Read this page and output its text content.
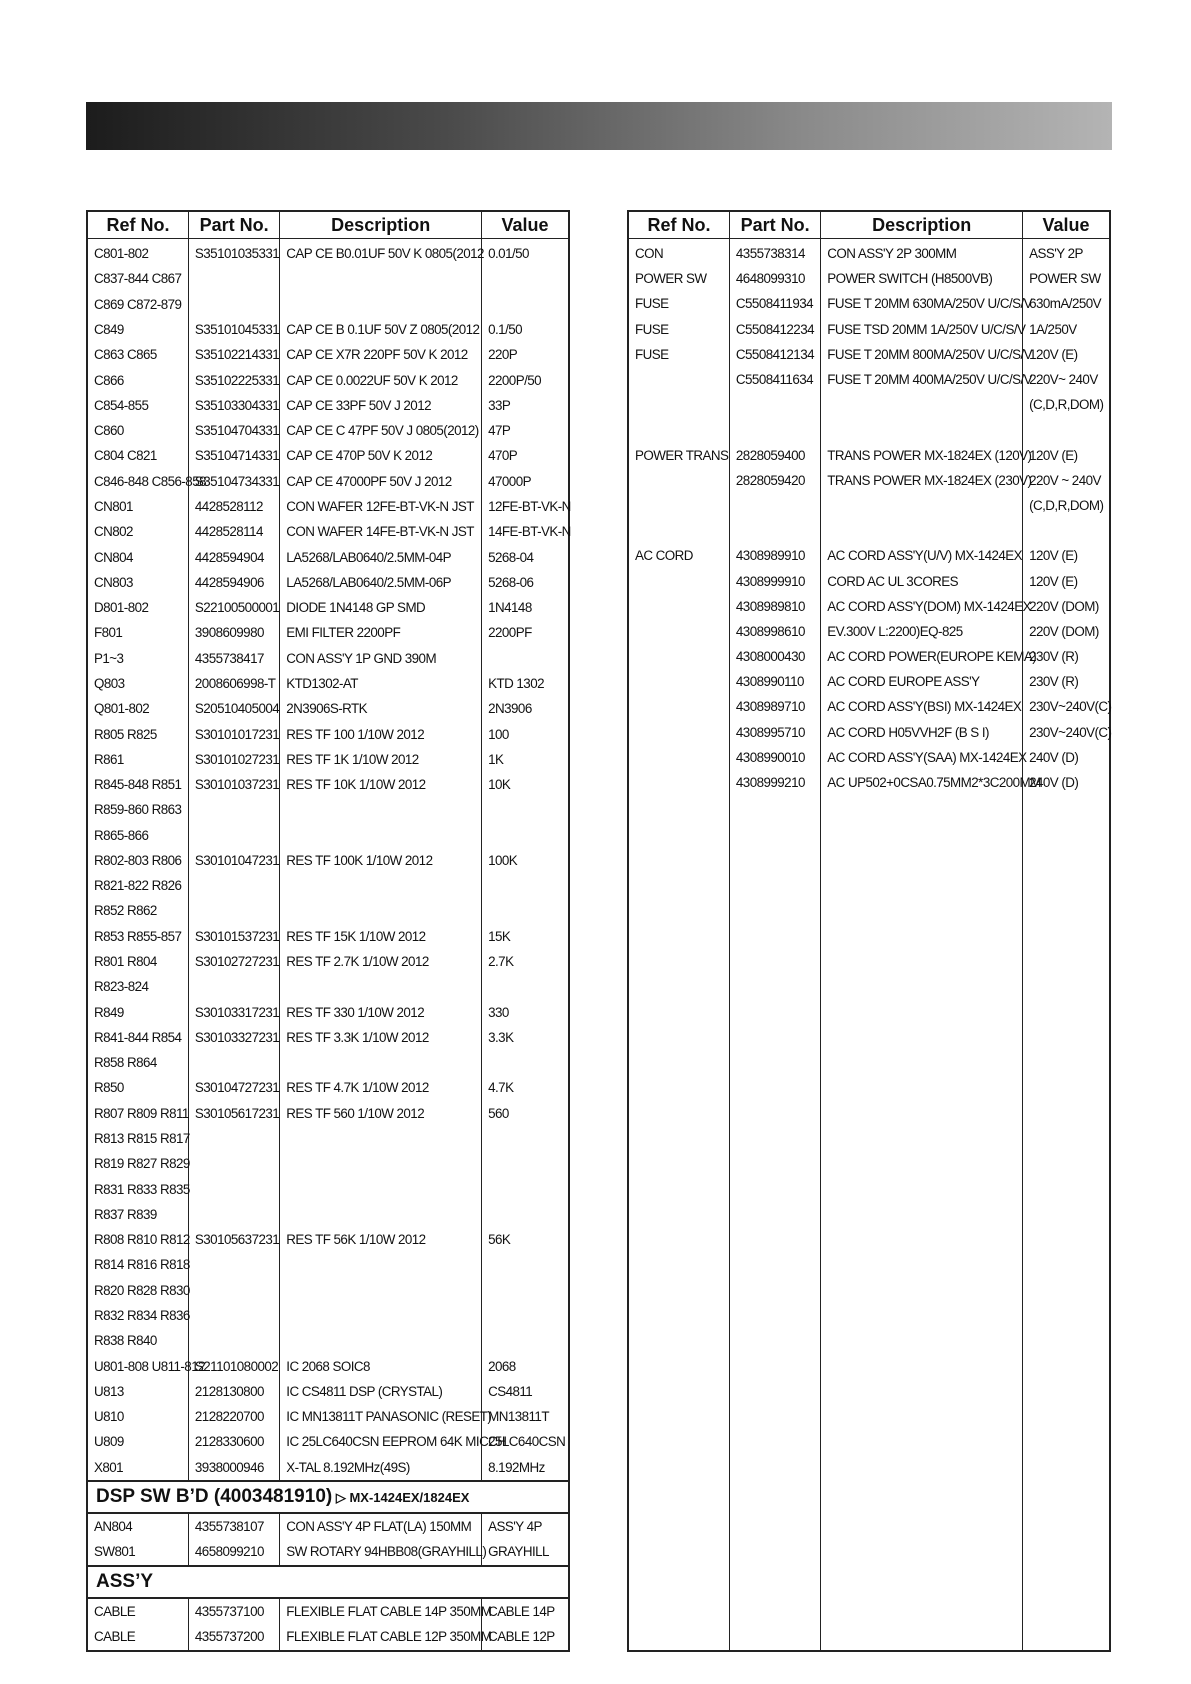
Ref No.	Part No.	Description	Value
C801-802	S35101035331	CAP CE B0.01UF 50V K 0805(2012	0.01/50
C837-844 C867			
C869 C872-879			
C849	S35101045331	CAP CE B 0.1UF 50V Z 0805(2012	0.1/50
C863 C865	S35102214331	CAP CE X7R 220PF 50V K 2012	220P
C866	S35102225331	CAP CE 0.0022UF 50V K 2012	2200P/50
C854-855	S35103304331	CAP CE 33PF 50V J 2012	33P
C860	S35104704331	CAP CE C 47PF 50V J 0805(2012)	47P
C804 C821	S35104714331	CAP CE 470P 50V K 2012	470P
C846-848 C856-858	S35104734331	CAP CE 47000PF 50V J 2012	47000P
CN801	4428528112	CON WAFER 12FE-BT-VK-N JST	12FE-BT-VK-N
CN802	4428528114	CON WAFER 14FE-BT-VK-N JST	14FE-BT-VK-N
CN804	4428594904	LA5268/LAB0640/2.5MM-04P	5268-04
CN803	4428594906	LA5268/LAB0640/2.5MM-06P	5268-06
D801-802	S22100500001	DIODE 1N4148 GP SMD	1N4148
F801	3908609980	EMI FILTER 2200PF	2200PF
P1~3	4355738417	CON ASS'Y 1P GND 390M	
Q803	2008606998-T	KTD1302-AT	KTD 1302
Q801-802	S20510405004	2N3906S-RTK	2N3906
R805 R825	S30101017231	RES TF 100 1/10W 2012	100
R861	S30101027231	RES TF 1K 1/10W 2012	1K
R845-848 R851	S30101037231	RES TF 10K 1/10W 2012	10K
R859-860 R863			
R865-866			
R802-803 R806	S30101047231	RES TF 100K 1/10W 2012	100K
R821-822 R826			
R852 R862			
R853 R855-857	S30101537231	RES TF 15K 1/10W 2012	15K
R801 R804	S30102727231	RES TF 2.7K 1/10W 2012	2.7K
R823-824			
R849	S30103317231	RES TF 330 1/10W 2012	330
R841-844 R854	S30103327231	RES TF 3.3K 1/10W 2012	3.3K
R858 R864			
R850	S30104727231	RES TF 4.7K 1/10W 2012	4.7K
R807 R809 R811	S30105617231	RES TF 560 1/10W 2012	560
R813 R815 R817			
R819 R827 R829			
R831 R833 R835			
R837 R839			
R808 R810 R812	S30105637231	RES TF 56K 1/10W 2012	56K
R814 R816 R818			
R820 R828 R830			
R832 R834 R836			
R838 R840			
U801-808 U811-812	S21101080002	IC 2068 SOIC8	2068
U813	2128130800	IC CS4811 DSP (CRYSTAL)	CS4811
U810	2128220700	IC MN13811T PANASONIC (RESET)	MN13811T
U809	2128330600	IC 25LC640CSN EEPROM 64K MICCH	25LC640CSN
X801	3938000946	X-TAL 8.192MHz(49S)	8.192MHz
DSP SW B’D (4003481910) ▷ MX-1424EX/1824EX			
AN804	4355738107	CON ASS'Y 4P FLAT(LA) 150MM	ASS'Y 4P
SW801	4658099210	SW ROTARY 94HBB08(GRAYHILL)	GRAYHILL
ASS’Y			
CABLE	4355737100	FLEXIBLE FLAT CABLE 14P 350MM	CABLE 14P
CABLE	4355737200	FLEXIBLE FLAT CABLE 12P 350MM	CABLE 12P
Ref No.	Part No.	Description	Value
CON	4355738314	CON ASS'Y 2P 300MM	ASS'Y 2P
POWER SW	4648099310	POWER SWITCH (H8500VB)	POWER SW
FUSE	C5508411934	FUSE T 20MM 630MA/250V U/C/S/V	630mA/250V
FUSE	C5508412234	FUSE TSD 20MM 1A/250V U/C/S/V	1A/250V
FUSE	C5508412134	FUSE T 20MM 800MA/250V U/C/S/V	120V (E)
	C5508411634	FUSE T 20MM 400MA/250V U/C/S/V	220V~ 240V
			(C,D,R,DOM)

POWER TRANS	2828059400	TRANS POWER MX-1824EX (120V)	120V (E)
	2828059420	TRANS POWER MX-1824EX (230V)	220V ~ 240V
			(C,D,R,DOM)

AC CORD	4308989910	AC CORD ASS'Y(U/V) MX-1424EX	120V (E)
	4308999910	CORD AC UL 3CORES	120V (E)
	4308989810	AC CORD ASS'Y(DOM) MX-1424EX	220V (DOM)
	4308998610	EV.300V L:2200)EQ-825	220V (DOM)
	4308000430	AC CORD POWER(EUROPE KEMA)	230V (R)
	4308990110	AC CORD EUROPE ASS'Y	230V (R)
	4308989710	AC CORD ASS'Y(BSI) MX-1424EX	230V~240V(C)
	4308995710	AC CORD H05VVH2F (B S I)	230V~240V(C)
	4308990010	AC CORD ASS'Y(SAA) MX-1424EX	240V (D)
	4308999210	AC UP502+0CSA0.75MM2*3C200MM	240V (D)
